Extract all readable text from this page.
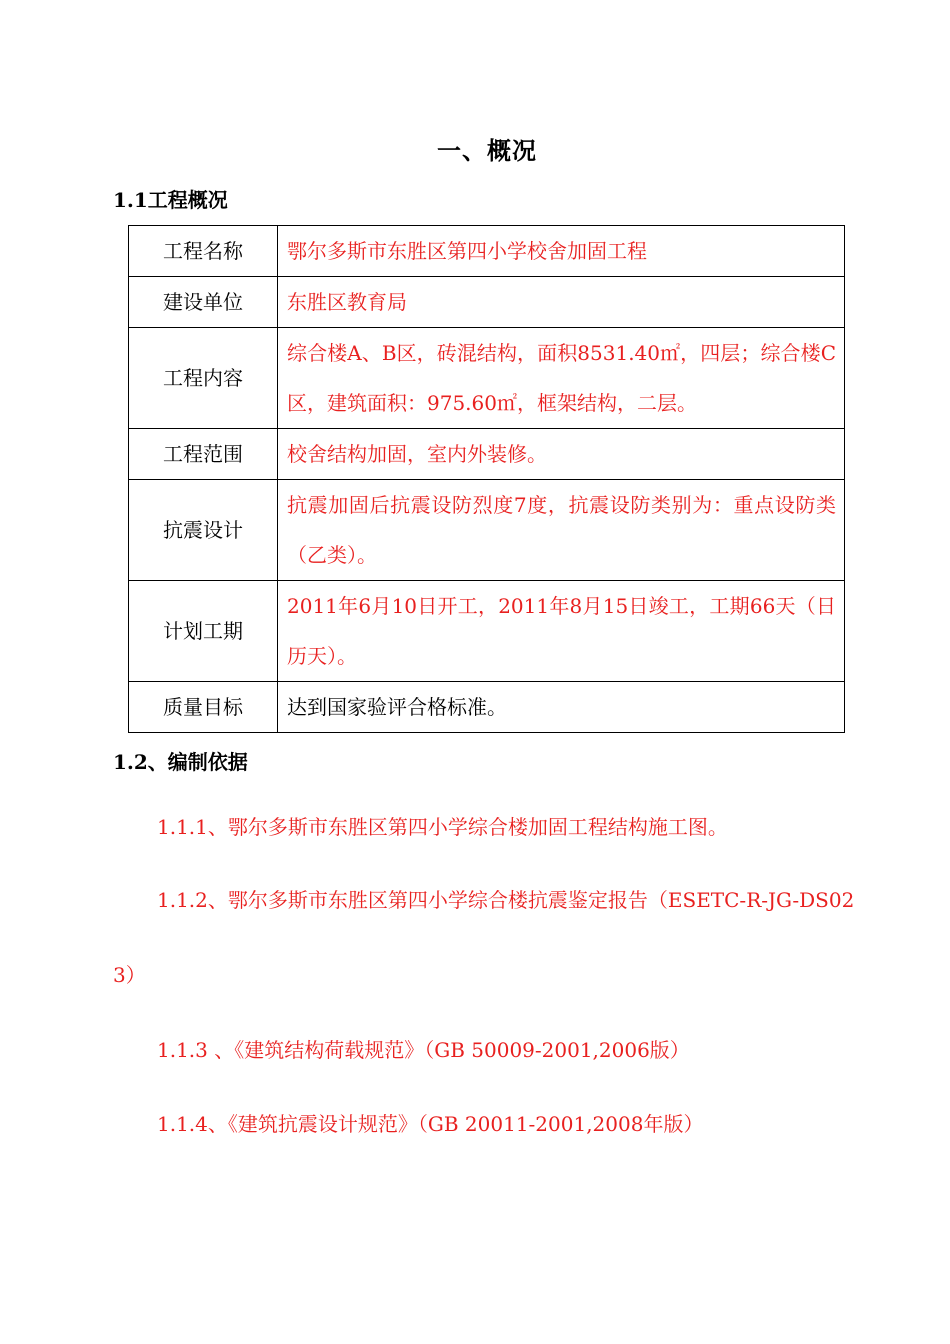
一、概况
1.1工程概况
工程名称	鄂尔多斯市东胜区第四小学校舍加固工程
建设单位	东胜区教育局
工程内容	综合楼A、B区，砖混结构，面积8531.40㎡，四层；综合楼C区，建筑面积：975.60㎡，框架结构，二层。
工程范围	校舍结构加固，室内外装修。
抗震设计	抗震加固后抗震设防烈度7度，抗震设防类别为：重点设防类（乙类）。
计划工期	2011年6月10日开工，2011年8月15日竣工，工期66天（日历天）。
质量目标	达到国家验评合格标准。
1.2、编制依据
1.1.1、鄂尔多斯市东胜区第四小学综合楼加固工程结构施工图。
1.1.2、鄂尔多斯市东胜区第四小学综合楼抗震鉴定报告（ESETC-R-JG-DS023）
1.1.3 、《建筑结构荷载规范》（GB 50009-2001,2006版）
1.1.4、《建筑抗震设计规范》（GB 20011-2001,2008年版）
